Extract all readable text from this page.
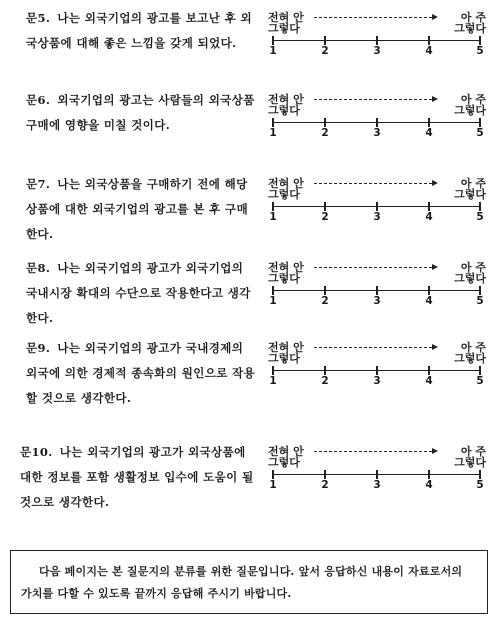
문5. 나는 외국기업의 광고를 보고난 후 외국상품에 대해 좋은 느낌을 갖게 되었다.

전혀 안
그렇다
아 주
그렇다
1	2	3	4	5

문6. 외국기업의 광고는 사람들의 외국상품 구매에 영향을 미칠 것이다.

전혀 안
그렇다
아 주
그렇다
1	2	3	4	5

문7. 나는 외국상품을 구매하기 전에 해당상품에 대한 외국기업의 광고를 본 후 구매한다.

전혀 안
그렇다
아 주
그렇다
1	2	3	4	5

문8. 나는 외국기업의 광고가 외국기업의 국내시장 확대의 수단으로 작용한다고 생각한다.

전혀 안
그렇다
아 주
그렇다
1	2	3	4	5

문9. 나는 외국기업의 광고가 국내경제의 외국에 의한 경제적 종속화의 원인으로 작용할 것으로 생각한다.

전혀 안
그렇다
아 주
그렇다
1	2	3	4	5

문10. 나는 외국기업의 광고가 외국상품에 대한 정보를 포함 생활정보 입수에 도움이 될 것으로 생각한다.

전혀 안
그렇다
아 주
그렇다
1	2	3	4	5

다음 페이지는 본 질문지의 분류를 위한 질문입니다. 앞서 응답하신 내용이 자료로서의 가치를 다할 수 있도록 끝까지 응답해 주시기 바랍니다.
